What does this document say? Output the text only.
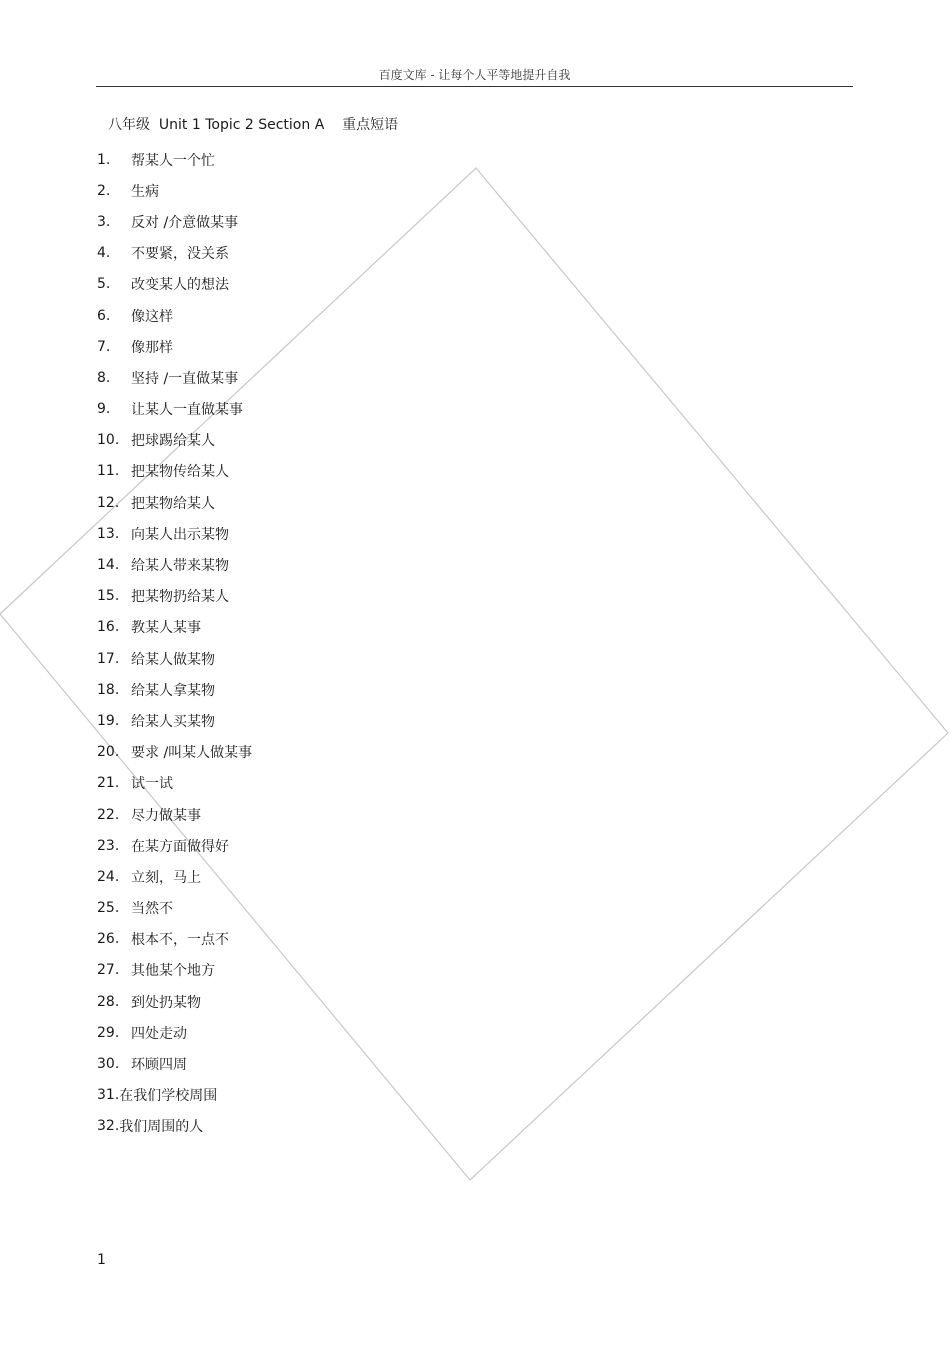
百度文库 - 让每个人平等地提升自我
八年级  Unit 1 Topic 2 Section A    重点短语
1.	帮某人一个忙
2.	生病
3.	反对 /介意做某事
4.	不要紧，没关系
5.	改变某人的想法
6.	像这样
7.	像那样
8.	坚持 /一直做某事
9.	让某人一直做某事
10. 把球踢给某人
11. 把某物传给某人
12. 把某物给某人
13. 向某人出示某物
14. 给某人带来某物
15. 把某物扔给某人
16. 教某人某事
17. 给某人做某物
18. 给某人拿某物
19. 给某人买某物
20. 要求 /叫某人做某事
21. 试一试
22. 尽力做某事
23. 在某方面做得好
24. 立刻，马上
25. 当然不
26. 根本不，一点不
27. 其他某个地方
28. 到处扔某物
29. 四处走动
30. 环顾四周
31. 在我们学校周围
32. 我们周围的人
1
